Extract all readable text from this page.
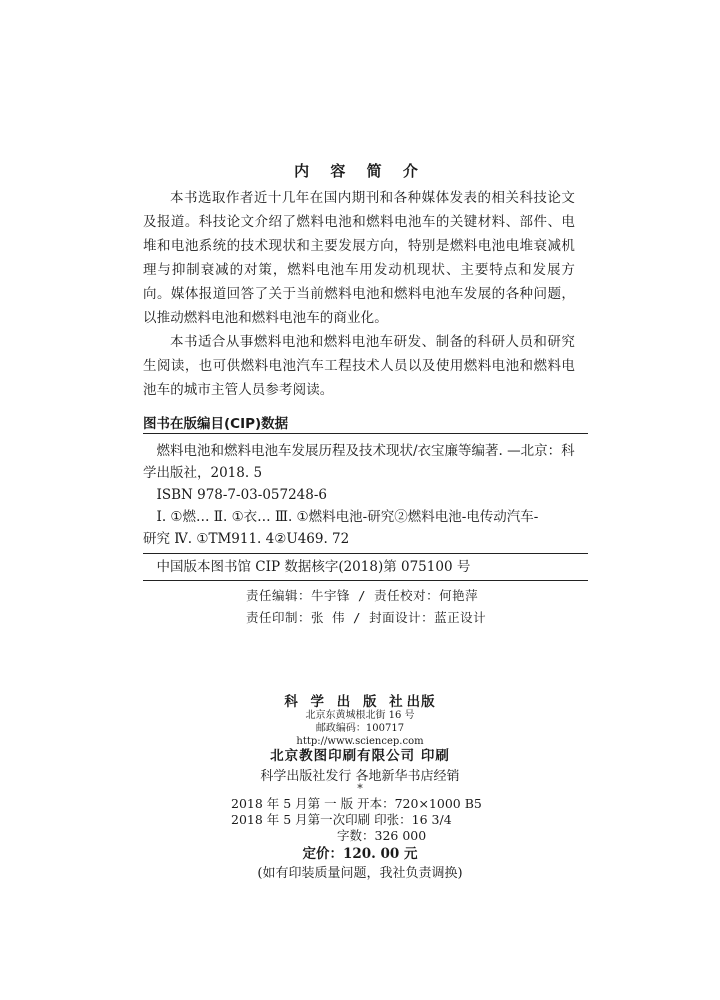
内 容 简 介

本书选取作者近十几年在国内期刊和各种媒体发表的相关科技论文及报道。科技论文介绍了燃料电池和燃料电池车的关键材料、部件、电堆和电池系统的技术现状和主要发展方向，特别是燃料电池电堆衰减机理与抑制衰减的对策，燃料电池车用发动机现状、主要特点和发展方向。媒体报道回答了关于当前燃料电池和燃料电池车发展的各种问题，以推动燃料电池和燃料电池车的商业化。

本书适合从事燃料电池和燃料电池车研发、制备的科研人员和研究生阅读，也可供燃料电池汽车工程技术人员以及使用燃料电池和燃料电池车的城市主管人员参考阅读。

图书在版编目(CIP)数据

燃料电池和燃料电池车发展历程及技术现状/衣宝廉等编著. —北京：科

学出版社，2018. 5

ISBN 978-7-03-057248-6

Ⅰ. ①燃… Ⅱ. ①衣… Ⅲ. ①燃料电池-研究②燃料电池-电传动汽车-

研究 Ⅳ. ①TM911. 4②U469. 72

中国版本图书馆 CIP 数据核字(2018)第 075100 号

责任编辑：牛宇锋 / 责任校对：何艳萍

责任印制：张 伟 / 封面设计：蓝正设计

科 学 出 版 社出版
北京东黄城根北街 16 号
邮政编码：100717
http://www.sciencep.com
北京教图印刷有限公司 印刷
科学出版社发行 各地新华书店经销
*
2018 年 5 月第 一 版 开本：720×1000 B5
2018 年 5 月第一次印刷 印张：16 3/4
字数：326 000
定价：120. 00 元
(如有印装质量问题，我社负责调换)
